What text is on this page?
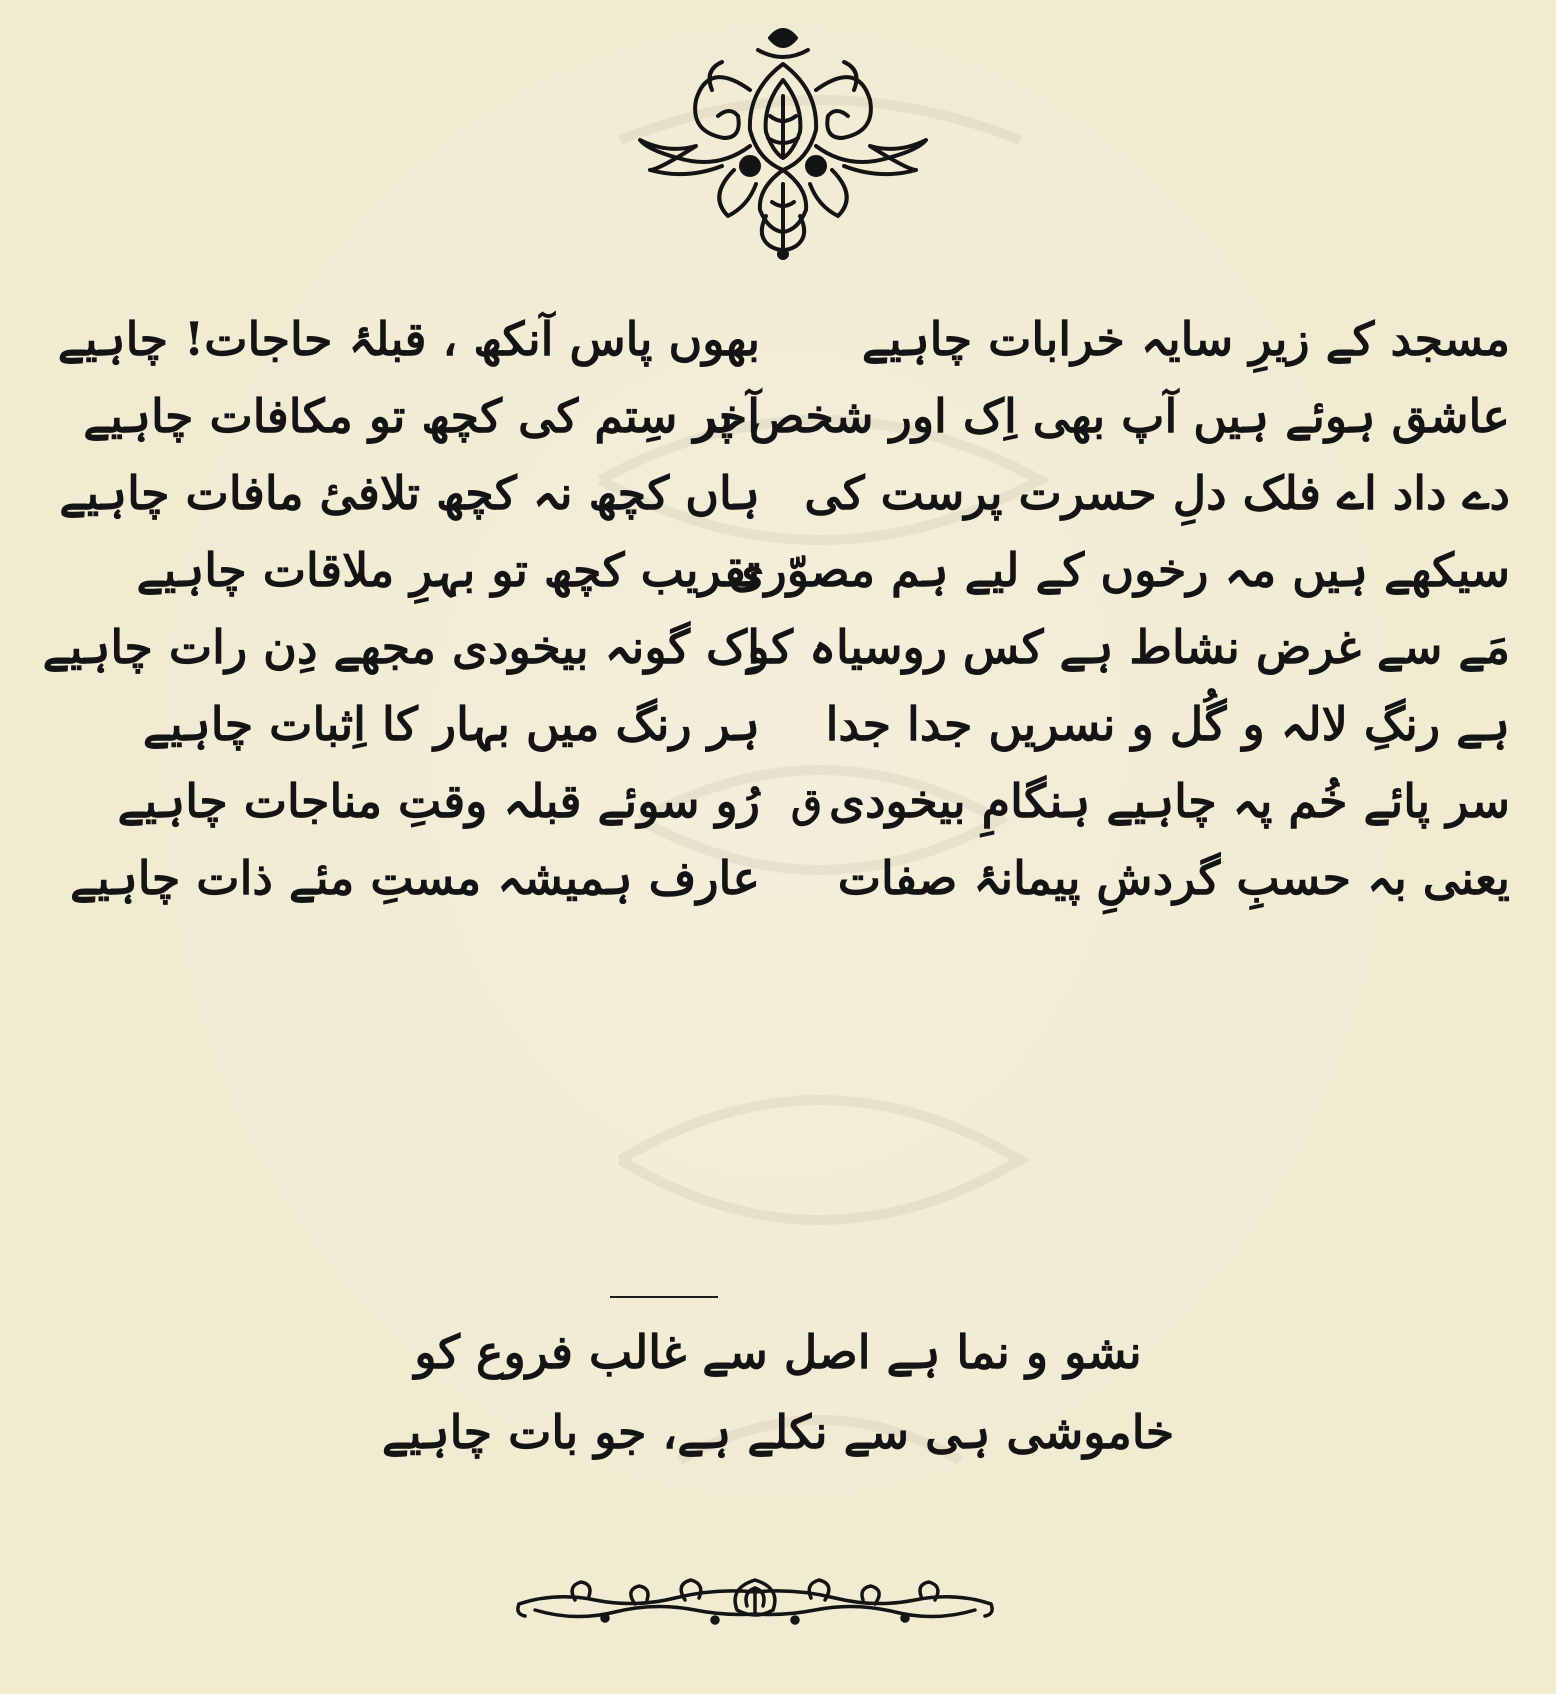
مسجد کے زیرِ سایہ خرابات چاہیے
بھوں پاس آنکھ ، قبلۂ حاجات! چاہیے
عاشق ہوئے ہیں آپ بھی اِک اور شخص پر
آخر سِتم کی کچھ تو مکافات چاہیے
دے داد اے فلک دلِ حسرت پرست کی
ہاں کچھ نہ کچھ تلافیٔ مافات چاہیے
سیکھے ہیں مہ رخوں کے لیے ہم مصوّری
تقریب کچھ تو بہرِ ملاقات چاہیے
مَے سے غرض نشاط ہے کس روسیاہ کو
اِک گونہ بیخودی مجھے دِن رات چاہیے
ہے رنگِ لالہ و گُل و نسریں جدا جدا
ہر رنگ میں بہار کا اِثبات چاہیے
سر پائے خُم پہ چاہیے ہنگامِ بیخودی
ق
رُو سوئے قبلہ وقتِ مناجات چاہیے
یعنی بہ حسبِ گردشِ پیمانۂ صفات
عارف ہمیشہ مستِ مئے ذات چاہیے
نشو و نما ہے اصل سے غالب فروع کو
خاموشی ہی سے نکلے ہے، جو بات چاہیے
